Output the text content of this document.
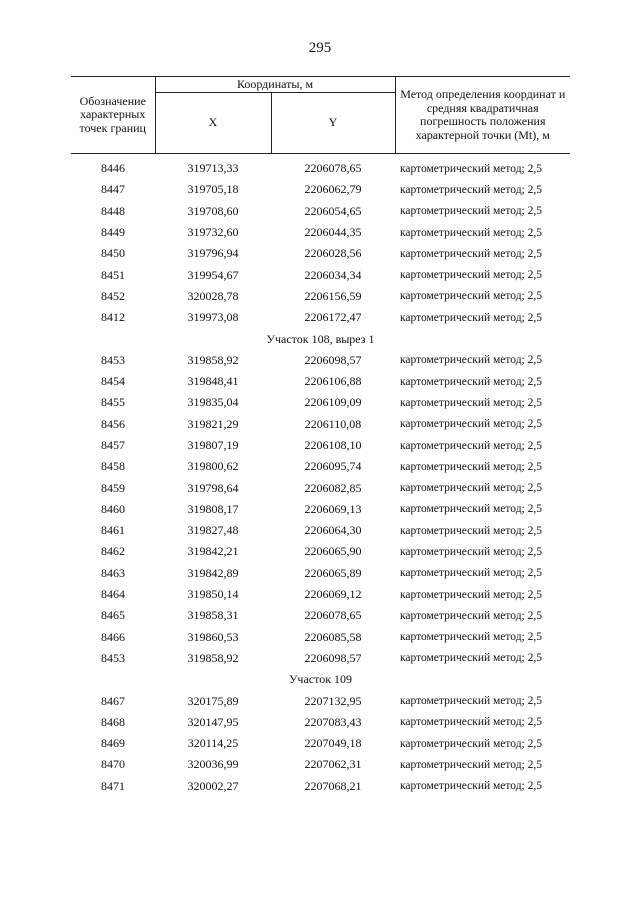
295
Обозначение характерных точек границ	Координаты, м		Метод определения координат и средняя квадратичная погрешность положения характерной точки (Mt), м
	X	Y	
8446	319713,33	2206078,65	картометрический метод; 2,5
8447	319705,18	2206062,79	картометрический метод; 2,5
8448	319708,60	2206054,65	картометрический метод; 2,5
8449	319732,60	2206044,35	картометрический метод; 2,5
8450	319796,94	2206028,56	картометрический метод; 2,5
8451	319954,67	2206034,34	картометрический метод; 2,5
8452	320028,78	2206156,59	картометрический метод; 2,5
8412	319973,08	2206172,47	картометрический метод; 2,5
Участок 108, вырез 1			
8453	319858,92	2206098,57	картометрический метод; 2,5
8454	319848,41	2206106,88	картометрический метод; 2,5
8455	319835,04	2206109,09	картометрический метод; 2,5
8456	319821,29	2206110,08	картометрический метод; 2,5
8457	319807,19	2206108,10	картометрический метод; 2,5
8458	319800,62	2206095,74	картометрический метод; 2,5
8459	319798,64	2206082,85	картометрический метод; 2,5
8460	319808,17	2206069,13	картометрический метод; 2,5
8461	319827,48	2206064,30	картометрический метод; 2,5
8462	319842,21	2206065,90	картометрический метод; 2,5
8463	319842,89	2206065,89	картометрический метод; 2,5
8464	319850,14	2206069,12	картометрический метод; 2,5
8465	319858,31	2206078,65	картометрический метод; 2,5
8466	319860,53	2206085,58	картометрический метод; 2,5
8453	319858,92	2206098,57	картометрический метод; 2,5
Участок 109			
8467	320175,89	2207132,95	картометрический метод; 2,5
8468	320147,95	2207083,43	картометрический метод; 2,5
8469	320114,25	2207049,18	картометрический метод; 2,5
8470	320036,99	2207062,31	картометрический метод; 2,5
8471	320002,27	2207068,21	картометрический метод; 2,5
